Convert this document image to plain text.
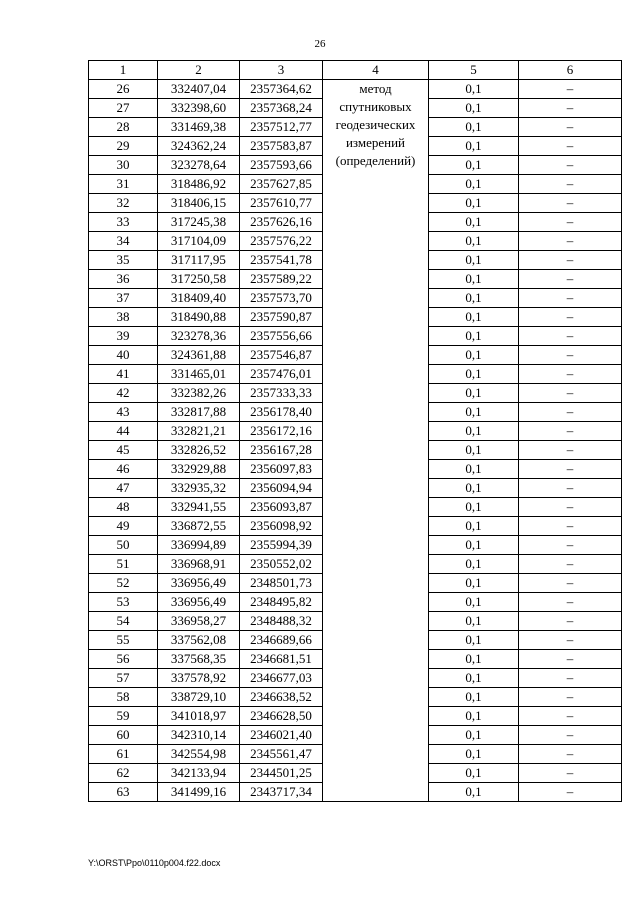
26
1	2	3	4	5	6
26	332407,04	2357364,62	метод
спутниковых
геодезических
измерений
(определений)	0,1	–
27	332398,60	2357368,24		0,1	–
28	331469,38	2357512,77		0,1	–
29	324362,24	2357583,87		0,1	–
30	323278,64	2357593,66		0,1	–
31	318486,92	2357627,85		0,1	–
32	318406,15	2357610,77		0,1	–
33	317245,38	2357626,16		0,1	–
34	317104,09	2357576,22		0,1	–
35	317117,95	2357541,78		0,1	–
36	317250,58	2357589,22		0,1	–
37	318409,40	2357573,70		0,1	–
38	318490,88	2357590,87		0,1	–
39	323278,36	2357556,66		0,1	–
40	324361,88	2357546,87		0,1	–
41	331465,01	2357476,01		0,1	–
42	332382,26	2357333,33		0,1	–
43	332817,88	2356178,40		0,1	–
44	332821,21	2356172,16		0,1	–
45	332826,52	2356167,28		0,1	–
46	332929,88	2356097,83		0,1	–
47	332935,32	2356094,94		0,1	–
48	332941,55	2356093,87		0,1	–
49	336872,55	2356098,92		0,1	–
50	336994,89	2355994,39		0,1	–
51	336968,91	2350552,02		0,1	–
52	336956,49	2348501,73		0,1	–
53	336956,49	2348495,82		0,1	–
54	336958,27	2348488,32		0,1	–
55	337562,08	2346689,66		0,1	–
56	337568,35	2346681,51		0,1	–
57	337578,92	2346677,03		0,1	–
58	338729,10	2346638,52		0,1	–
59	341018,97	2346628,50		0,1	–
60	342310,14	2346021,40		0,1	–
61	342554,98	2345561,47		0,1	–
62	342133,94	2344501,25		0,1	–
63	341499,16	2343717,34		0,1	–
Y:\ORST\Ppo\0110p004.f22.docx
